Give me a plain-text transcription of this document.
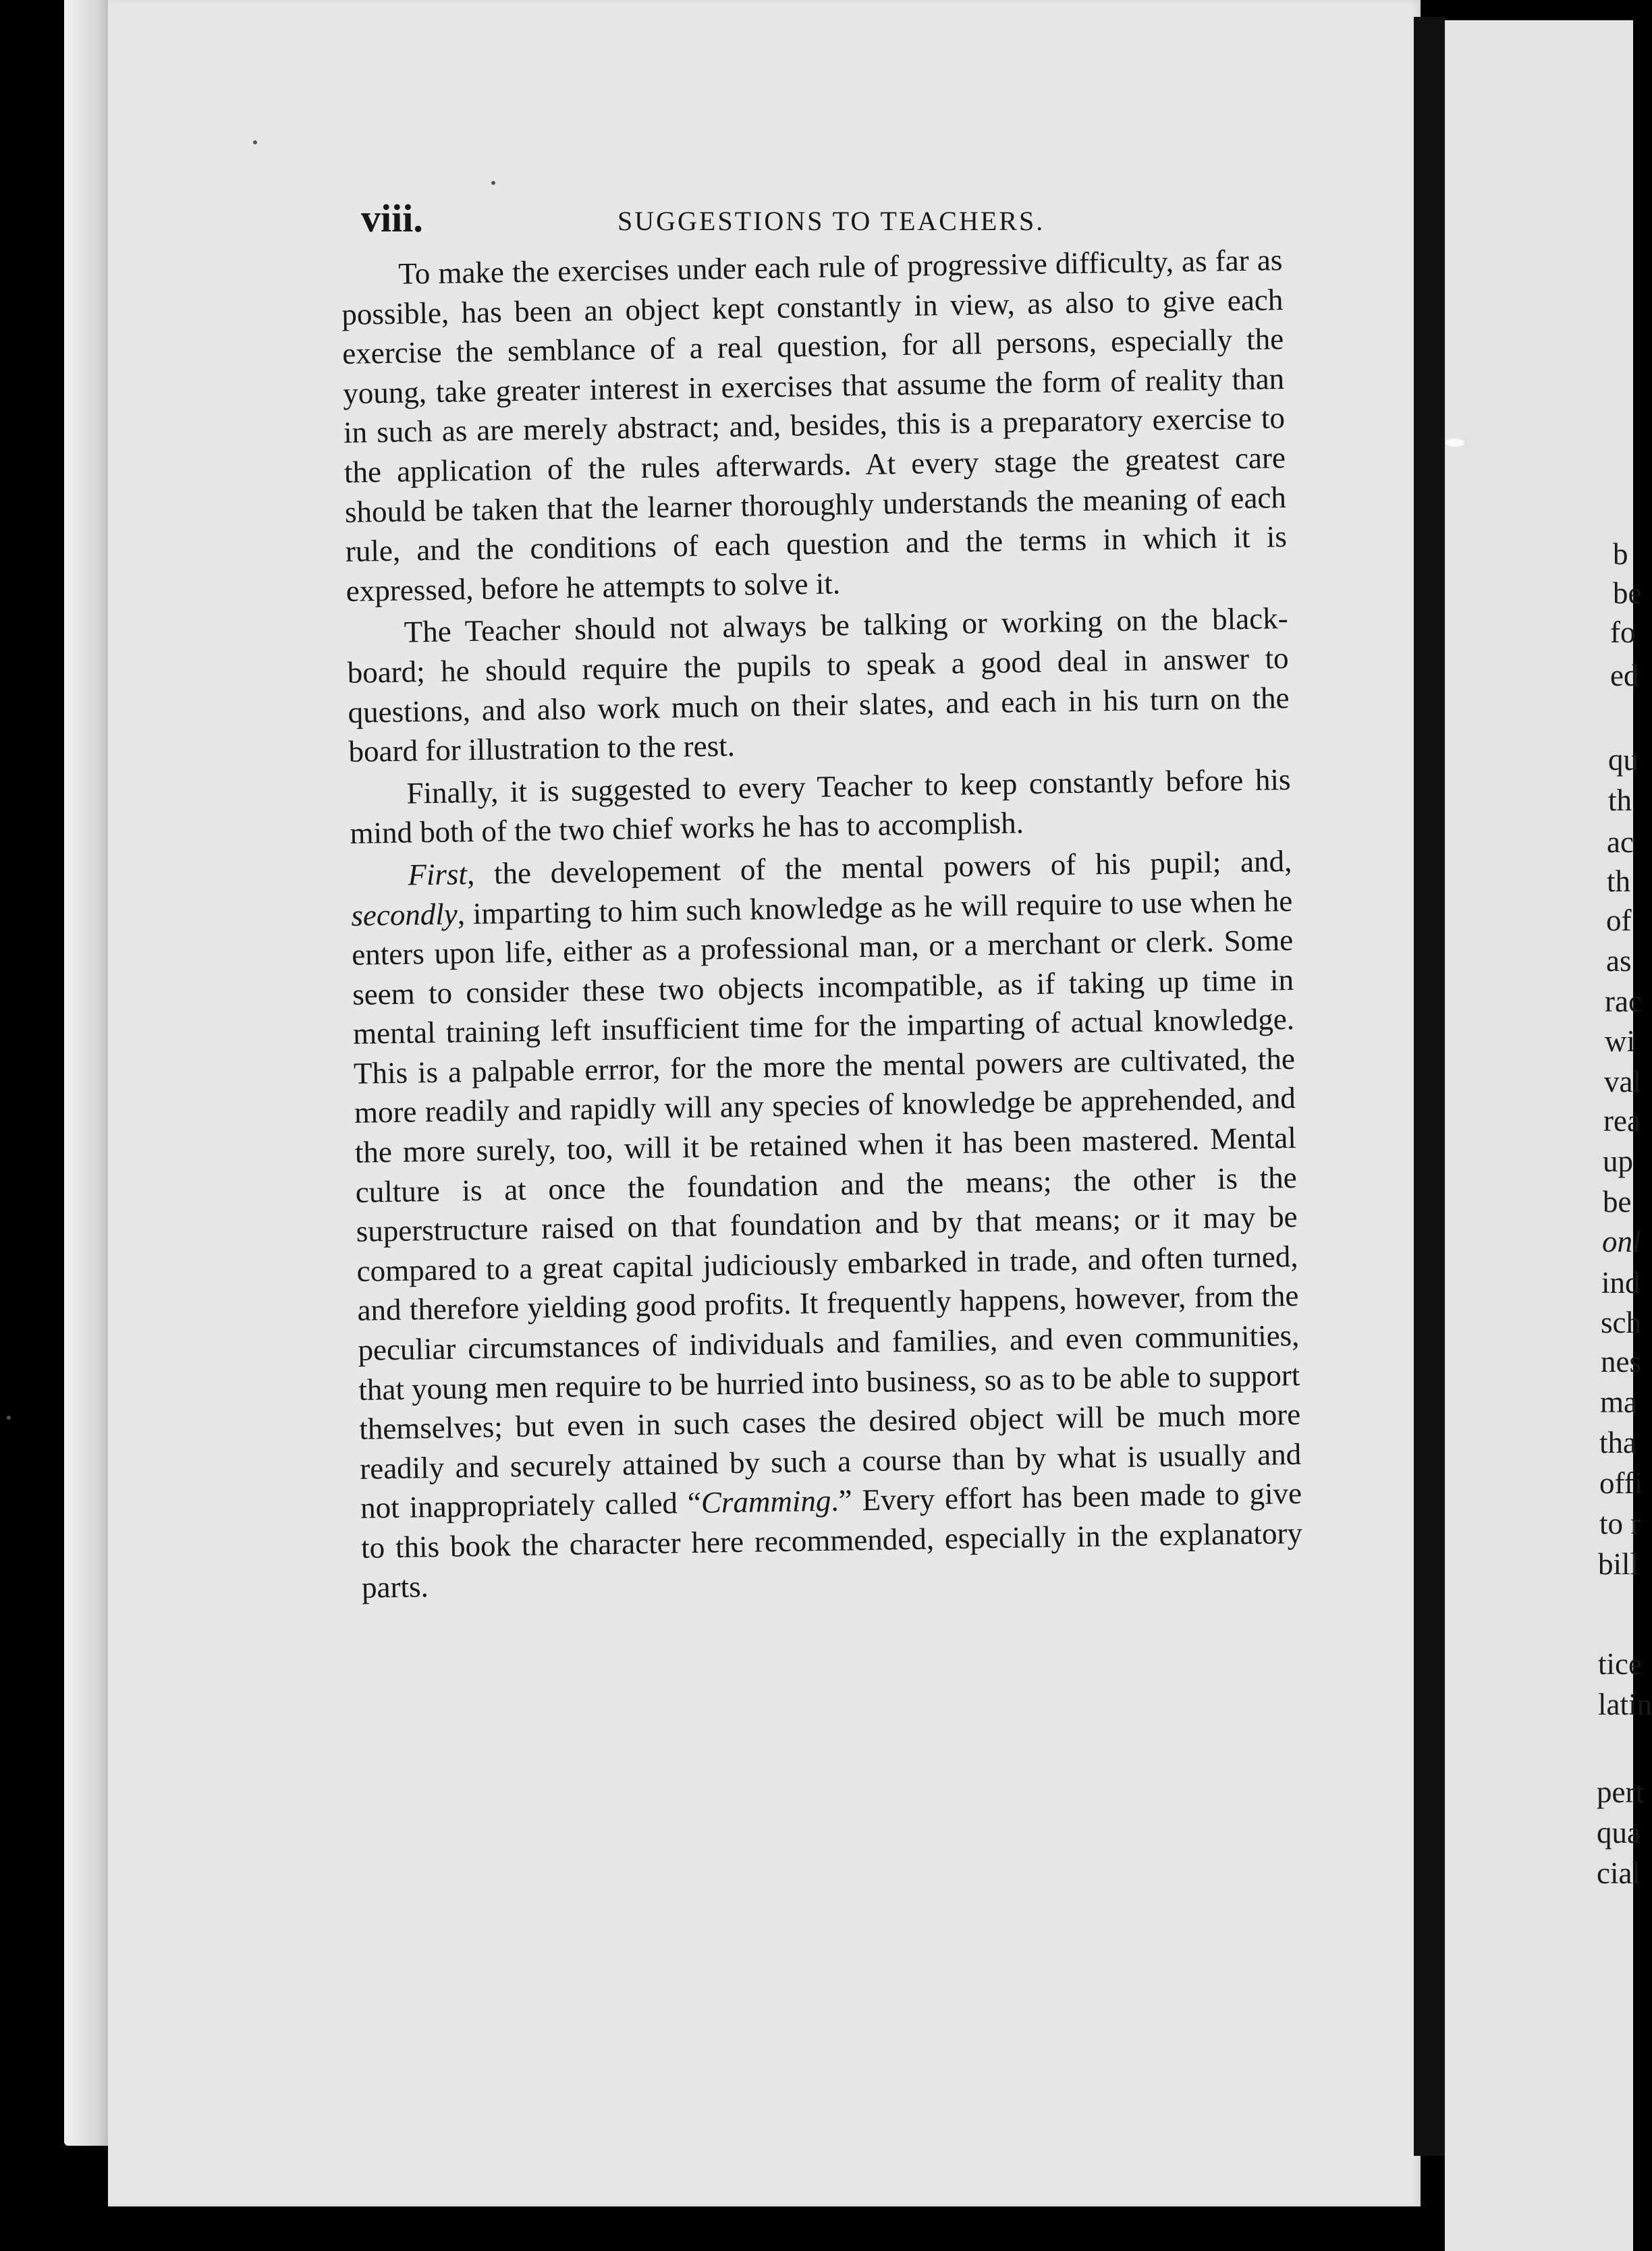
viii.	SUGGESTIONS TO TEACHERS.

To make the exercises under each rule of progressive difficulty, as far as possible, has been an object kept constantly in view, as also to give each exercise the semblance of a real question, for all persons, especially the young, take greater interest in exercises that assume the form of reality than in such as are merely abstract; and, besides, this is a preparatory exercise to the application of the rules afterwards. At every stage the greatest care should be taken that the learner thoroughly understands the meaning of each rule, and the conditions of each question and the terms in which it is expressed, before he attempts to solve it.

The Teacher should not always be talking or working on the black-board; he should require the pupils to speak a good deal in answer to questions, and also work much on their slates, and each in his turn on the board for illustration to the rest.

Finally, it is suggested to every Teacher to keep constantly before his mind both of the two chief works he has to accomplish.

First, the developement of the mental powers of his pupil; and, secondly, imparting to him such knowledge as he will require to use when he enters upon life, either as a professional man, or a merchant or clerk. Some seem to consider these two objects incompatible, as if taking up time in mental training left insufficient time for the imparting of actual knowledge. This is a palpable errror, for the more the mental powers are cultivated, the more readily and rapidly will any species of knowledge be apprehended, and the more surely, too, will it be retained when it has been mastered. Mental culture is at once the foundation and the means; the other is the superstructure raised on that foundation and by that means; or it may be compared to a great capital judiciously embarked in trade, and often turned, and therefore yielding good profits. It frequently happens, however, from the peculiar circumstances of individuals and families, and even communities, that young men require to be hurried into business, so as to be able to support themselves; but even in such cases the desired object will be much more readily and securely attained by such a course than by what is usually and not inappropriately called “Cramming.” Every effort has been made to give to this book the character here recommended, especially in the explanatory parts.

b
be
fo
ed
qu
th
ac
th
of
as
rac
wi
val
rea
up
be
onl
ind
sch
nes
ma
tha
offi
to r
bill
tice
latin
pert
qua
cial
